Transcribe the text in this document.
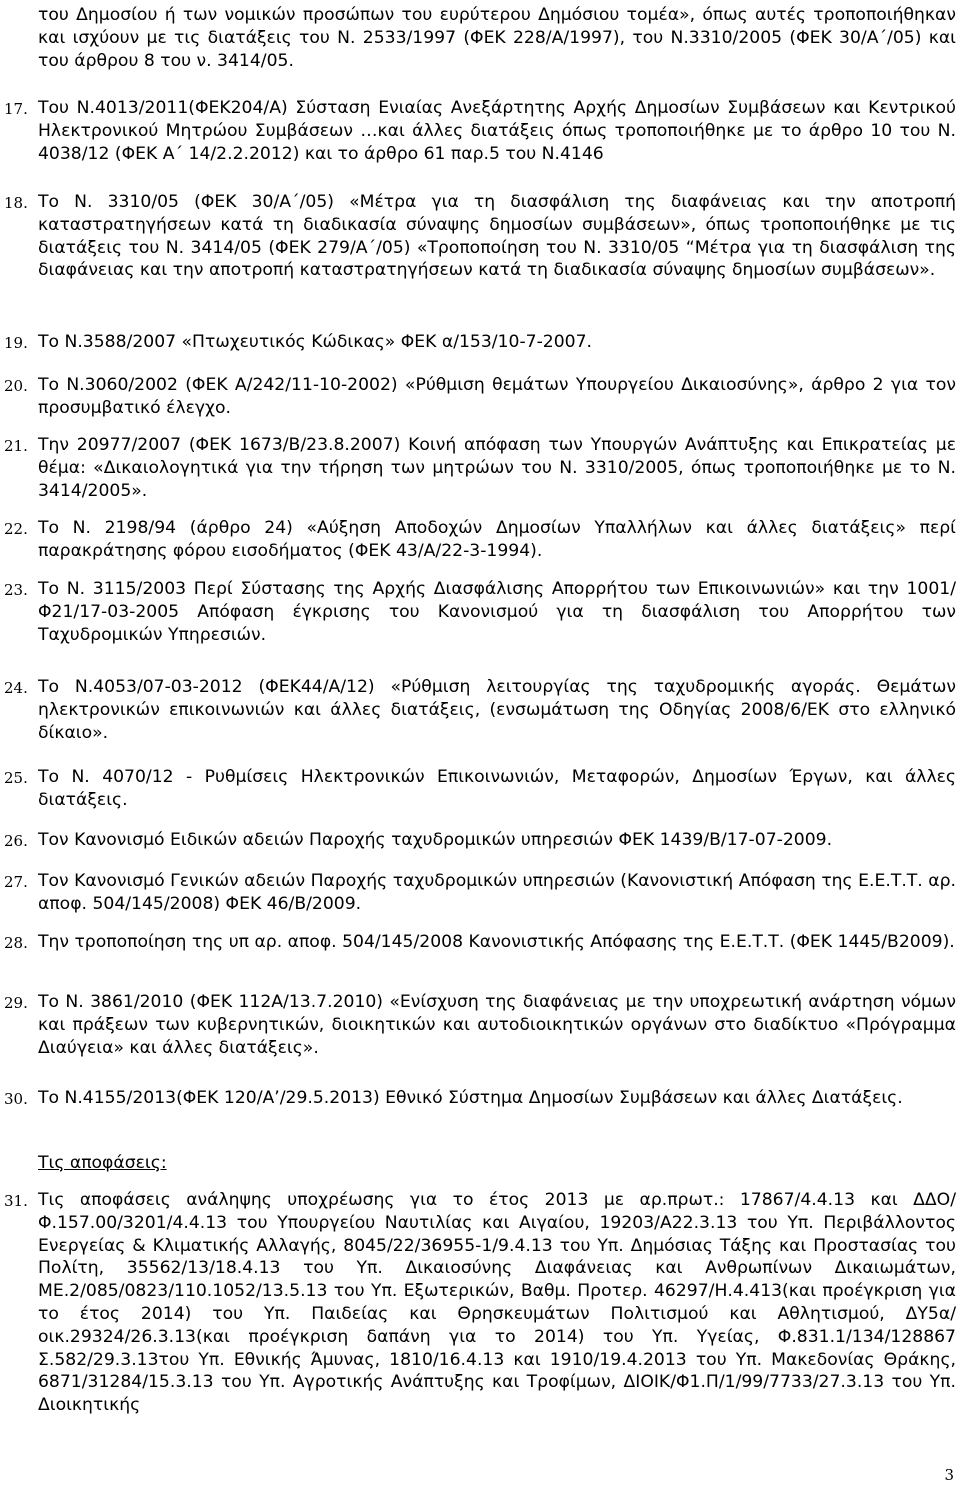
του Δημοσίου ή των νομικών προσώπων του ευρύτερου Δημόσιου τομέα», όπως αυτές τροποποιήθηκαν και ισχύουν με τις διατάξεις του Ν. 2533/1997 (ΦΕΚ 228/Α/1997), του Ν.3310/2005 (ΦΕΚ 30/Α΄/05) και του άρθρου 8 του ν. 3414/05.

17. Του Ν.4013/2011(ΦΕΚ204/Α) Σύσταση Ενιαίας Ανεξάρτητης Αρχής Δημοσίων Συμβάσεων και Κεντρικού Ηλεκτρονικού Μητρώου Συμβάσεων …και άλλες διατάξεις όπως τροποποιήθηκε με το άρθρο 10 του Ν. 4038/12 (ΦΕΚ Α΄ 14/2.2.2012) και το άρθρο 61 παρ.5 του Ν.4146

18. Το Ν. 3310/05 (ΦΕΚ 30/Α΄/05) «Μέτρα για τη διασφάλιση της διαφάνειας και την αποτροπή καταστρατηγήσεων κατά τη διαδικασία σύναψης δημοσίων συμβάσεων», όπως τροποποιήθηκε με τις διατάξεις του Ν. 3414/05 (ΦΕΚ 279/Α΄/05) «Τροποποίηση του Ν. 3310/05 “Μέτρα για τη διασφάλιση της διαφάνειας και την αποτροπή καταστρατηγήσεων κατά τη διαδικασία σύναψης δημοσίων συμβάσεων».

19. Το Ν.3588/2007 «Πτωχευτικός Κώδικας» ΦΕΚ α/153/10-7-2007.

20. Το Ν.3060/2002 (ΦΕΚ Α/242/11-10-2002) «Ρύθμιση θεμάτων Υπουργείου Δικαιοσύνης», άρθρο 2 για τον προσυμβατικό έλεγχο.

21. Την 20977/2007 (ΦΕΚ 1673/Β/23.8.2007) Κοινή απόφαση των Υπουργών Ανάπτυξης και Επικρατείας με θέμα: «Δικαιολογητικά για την τήρηση των μητρώων του Ν. 3310/2005, όπως τροποποιήθηκε με το Ν. 3414/2005».

22. Το Ν. 2198/94 (άρθρο 24) «Αύξηση Αποδοχών Δημοσίων Υπαλλήλων και άλλες διατάξεις» περί παρακράτησης φόρου εισοδήματος (ΦΕΚ 43/Α/22-3-1994).

23. Το Ν. 3115/2003 Περί Σύστασης της Αρχής Διασφάλισης Απορρήτου των Επικοινωνιών» και την 1001/Φ21/17-03-2005 Απόφαση έγκρισης του Κανονισμού για τη διασφάλιση του Απορρήτου των Ταχυδρομικών Υπηρεσιών.

24. Το Ν.4053/07-03-2012 (ΦΕΚ44/Α/12) «Ρύθμιση λειτουργίας της ταχυδρομικής αγοράς. Θεμάτων ηλεκτρονικών επικοινωνιών και άλλες διατάξεις, (ενσωμάτωση της Οδηγίας 2008/6/ΕΚ στο ελληνικό δίκαιο».

25. Το Ν. 4070/12 - Ρυθμίσεις Ηλεκτρονικών Επικοινωνιών, Μεταφορών, Δημοσίων Έργων, και άλλες διατάξεις.

26. Τον Κανονισμό Ειδικών αδειών Παροχής ταχυδρομικών υπηρεσιών ΦΕΚ 1439/Β/17-07-2009.

27. Τον Κανονισμό Γενικών αδειών Παροχής ταχυδρομικών υπηρεσιών (Κανονιστική Απόφαση της Ε.Ε.Τ.Τ. αρ. αποφ. 504/145/2008) ΦΕΚ 46/Β/2009.

28. Την τροποποίηση της υπ αρ. αποφ. 504/145/2008 Κανονιστικής Απόφασης της Ε.Ε.Τ.Τ. (ΦΕΚ 1445/Β2009).

29. Το Ν. 3861/2010 (ΦΕΚ 112Α/13.7.2010) «Ενίσχυση της διαφάνειας με την υποχρεωτική ανάρτηση νόμων και πράξεων των κυβερνητικών, διοικητικών και αυτοδιοικητικών οργάνων στο διαδίκτυο «Πρόγραμμα Διαύγεια» και άλλες διατάξεις».

30. Το Ν.4155/2013(ΦΕΚ 120/Α’/29.5.2013) Εθνικό Σύστημα Δημοσίων Συμβάσεων και άλλες Διατάξεις.

Τις αποφάσεις:
31. Τις αποφάσεις ανάληψης υποχρέωσης για το έτος 2013 με αρ.πρωτ.: 17867/4.4.13 και ΔΔΟ/Φ.157.00/3201/4.4.13 του Υπουργείου Ναυτιλίας και Αιγαίου, 19203/Α22.3.13 του Υπ. Περιβάλλοντος Ενεργείας & Κλιματικής Αλλαγής, 8045/22/36955-1/9.4.13 του Υπ. Δημόσιας Τάξης και Προστασίας του Πολίτη, 35562/13/18.4.13 του Υπ. Δικαιοσύνης Διαφάνειας και Ανθρωπίνων Δικαιωμάτων, ΜΕ.2/085/0823/110.1052/13.5.13 του Υπ. Εξωτερικών, Βαθμ. Προτερ. 46297/Η.4.413(και προέγκριση για το έτος 2014) του Υπ. Παιδείας και Θρησκευμάτων Πολιτισμού και Αθλητισμού, ΔΥ5α/οικ.29324/26.3.13(και προέγκριση δαπάνη για το 2014) του Υπ. Υγείας, Φ.831.1/134/128867 Σ.582/29.3.13του Υπ. Εθνικής Άμυνας, 1810/16.4.13 και 1910/19.4.2013 του Υπ. Μακεδονίας Θράκης, 6871/31284/15.3.13 του Υπ. Αγροτικής Ανάπτυξης και Τροφίμων, ΔΙΟΙΚ/Φ1.Π/1/99/7733/27.3.13 του Υπ. Διοικητικής

3
